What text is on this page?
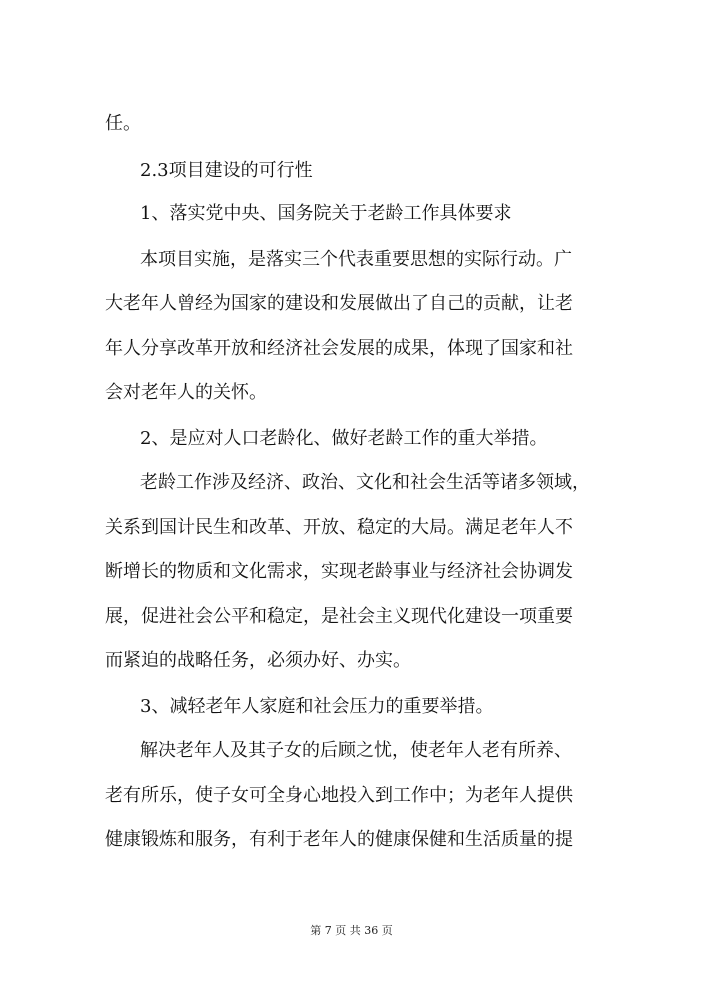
任。
2.3项目建设的可行性
1、落实党中央、国务院关于老龄工作具体要求
本项目实施，是落实三个代表重要思想的实际行动。广
大老年人曾经为国家的建设和发展做出了自己的贡献，让老
年人分享改革开放和经济社会发展的成果，体现了国家和社
会对老年人的关怀。
2、是应对人口老龄化、做好老龄工作的重大举措。
老龄工作涉及经济、政治、文化和社会生活等诸多领域，
关系到国计民生和改革、开放、稳定的大局。满足老年人不
断增长的物质和文化需求，实现老龄事业与经济社会协调发
展，促进社会公平和稳定，是社会主义现代化建设一项重要
而紧迫的战略任务，必须办好、办实。
3、减轻老年人家庭和社会压力的重要举措。
解决老年人及其子女的后顾之忧，使老年人老有所养、
老有所乐，使子女可全身心地投入到工作中；为老年人提供
健康锻炼和服务，有利于老年人的健康保健和生活质量的提
第 7 页 共 36 页
